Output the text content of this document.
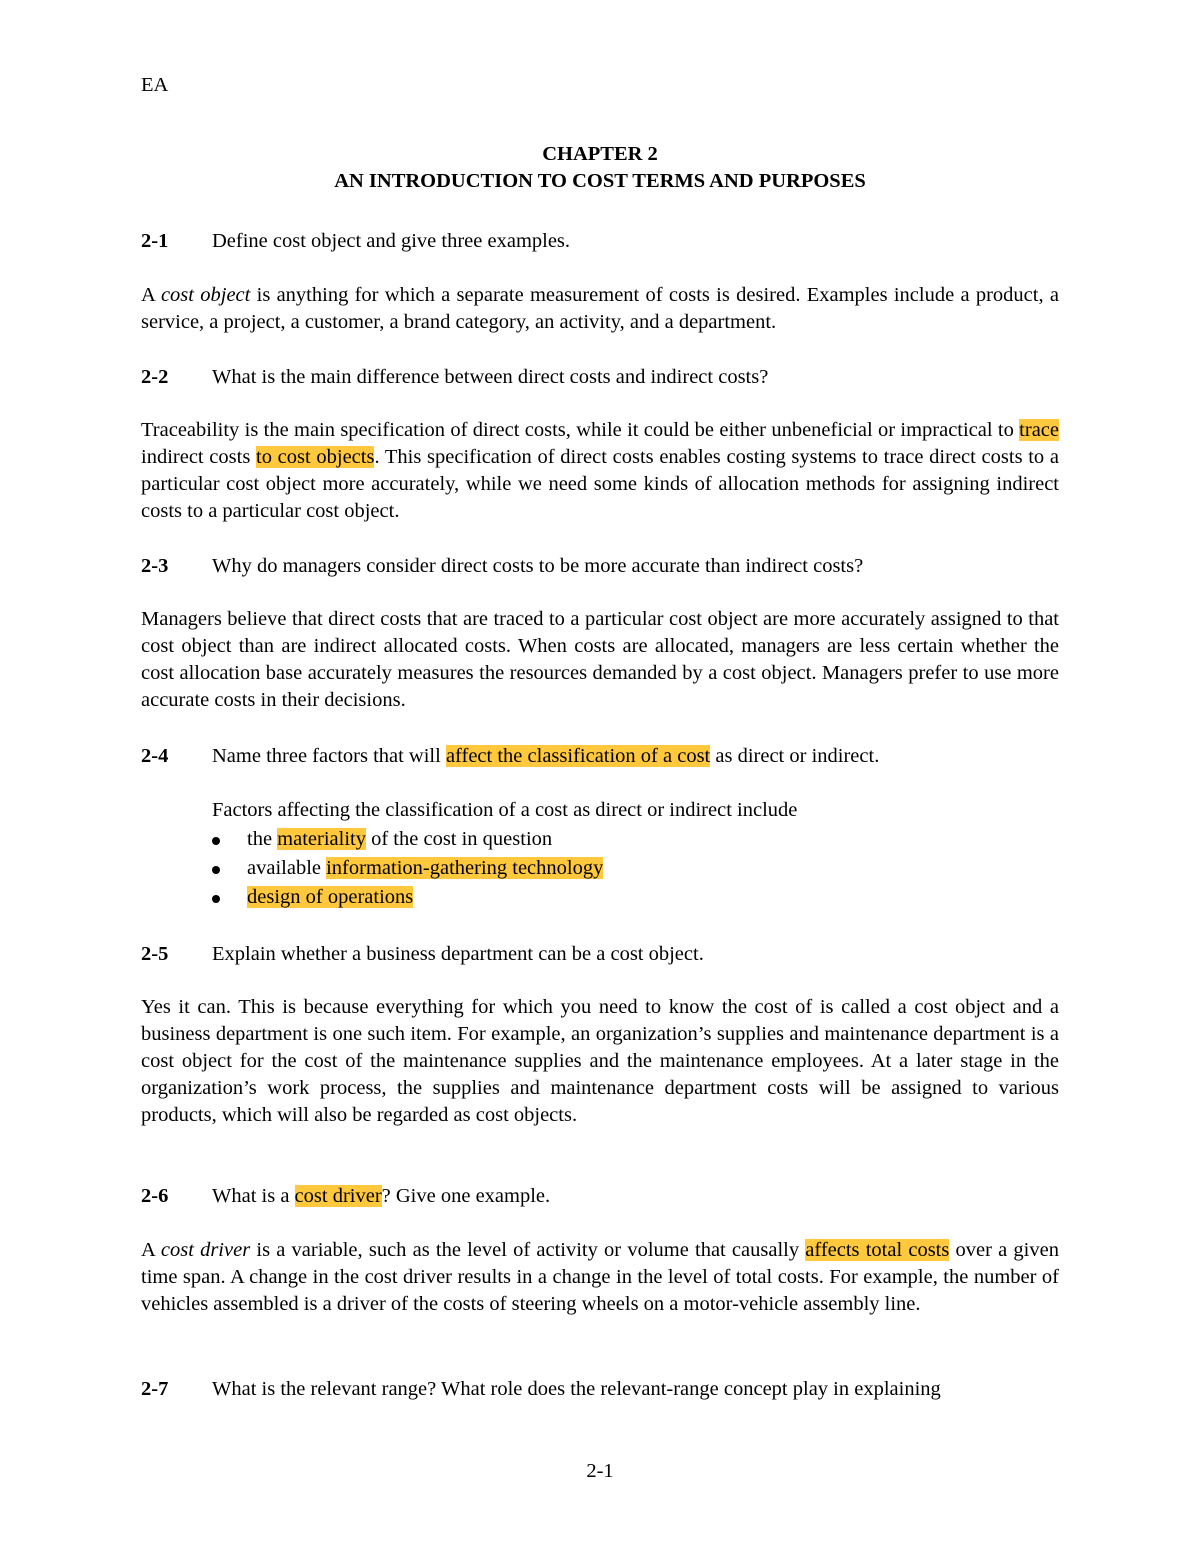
EA
CHAPTER 2
AN INTRODUCTION TO COST TERMS AND PURPOSES
2-1 Define cost object and give three examples.
A cost object is anything for which a separate measurement of costs is desired. Examples include a product, a service, a project, a customer, a brand category, an activity, and a department.
2-2 What is the main difference between direct costs and indirect costs?
Traceability is the main specification of direct costs, while it could be either unbeneficial or impractical to trace indirect costs to cost objects. This specification of direct costs enables costing systems to trace direct costs to a particular cost object more accurately, while we need some kinds of allocation methods for assigning indirect costs to a particular cost object.
2-3 Why do managers consider direct costs to be more accurate than indirect costs?
Managers believe that direct costs that are traced to a particular cost object are more accurately assigned to that cost object than are indirect allocated costs. When costs are allocated, managers are less certain whether the cost allocation base accurately measures the resources demanded by a cost object. Managers prefer to use more accurate costs in their decisions.
2-4 Name three factors that will affect the classification of a cost as direct or indirect.
Factors affecting the classification of a cost as direct or indirect include
the materiality of the cost in question
available information-gathering technology
design of operations
2-5 Explain whether a business department can be a cost object.
Yes it can. This is because everything for which you need to know the cost of is called a cost object and a business department is one such item. For example, an organization’s supplies and maintenance department is a cost object for the cost of the maintenance supplies and the maintenance employees. At a later stage in the organization’s work process, the supplies and maintenance department costs will be assigned to various products, which will also be regarded as cost objects.
2-6 What is a cost driver? Give one example.
A cost driver is a variable, such as the level of activity or volume that causally affects total costs over a given time span. A change in the cost driver results in a change in the level of total costs. For example, the number of vehicles assembled is a driver of the costs of steering wheels on a motor-vehicle assembly line.
2-7 What is the relevant range? What role does the relevant-range concept play in explaining
2-1
